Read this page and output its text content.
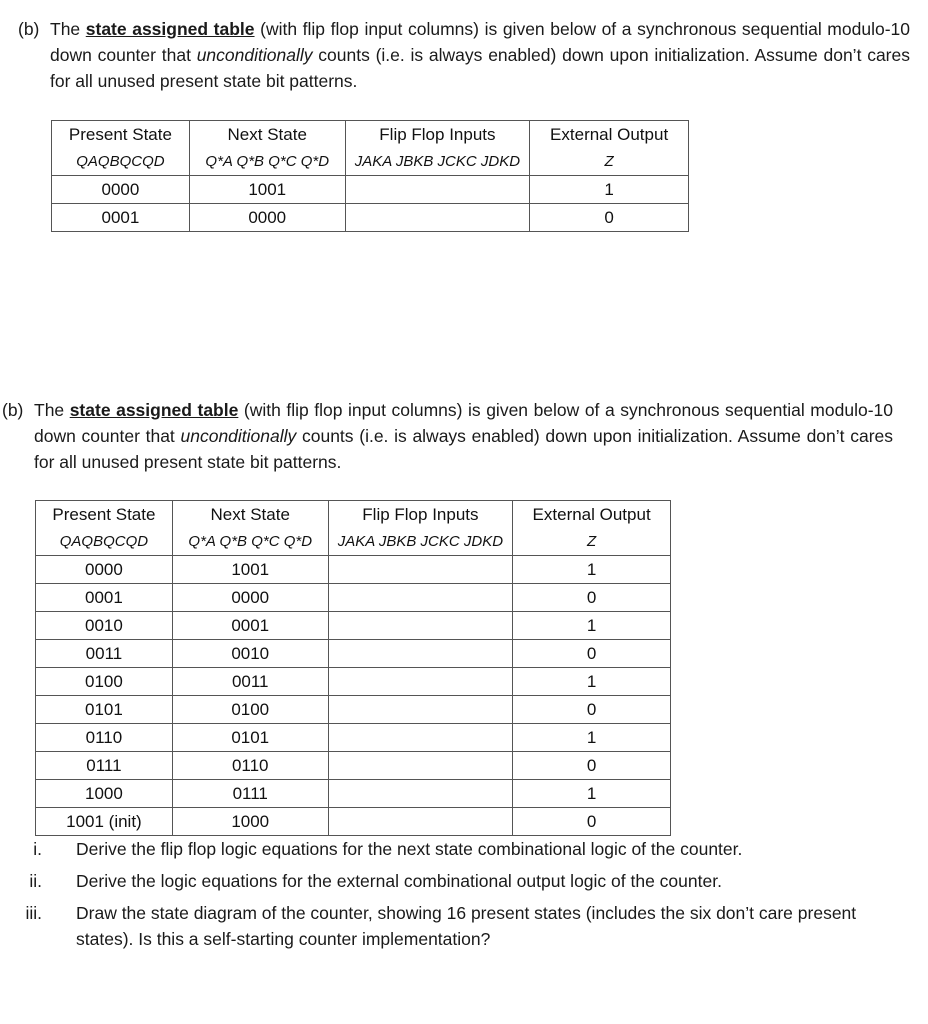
(b) The state assigned table (with flip flop input columns) is given below of a synchronous sequential modulo-10 down counter that unconditionally counts (i.e. is always enabled) down upon initialization. Assume don’t cares for all unused present state bit patterns.
Present State	Next State	Flip Flop Inputs	External Output
QAQBQCQD	Q*A Q*B Q*C Q*D	JAKA JBKB JCKC JDKD	Z
0000	1001		1
0001	0000		0
(b) The state assigned table (with flip flop input columns) is given below of a synchronous sequential modulo-10 down counter that unconditionally counts (i.e. is always enabled) down upon initialization. Assume don’t cares for all unused present state bit patterns.
Present State	Next State	Flip Flop Inputs	External Output
QAQBQCQD	Q*A Q*B Q*C Q*D	JAKA JBKB JCKC JDKD	Z
0000	1001		1
0001	0000		0
0010	0001		1
0011	0010		0
0100	0011		1
0101	0100		0
0110	0101		1
0111	0110		0
1000	0111		1
1001 (init)	1000		0
i. Derive the flip flop logic equations for the next state combinational logic of the counter.
ii. Derive the logic equations for the external combinational output logic of the counter.
iii. Draw the state diagram of the counter, showing 16 present states (includes the six don’t care present states). Is this a self-starting counter implementation?
